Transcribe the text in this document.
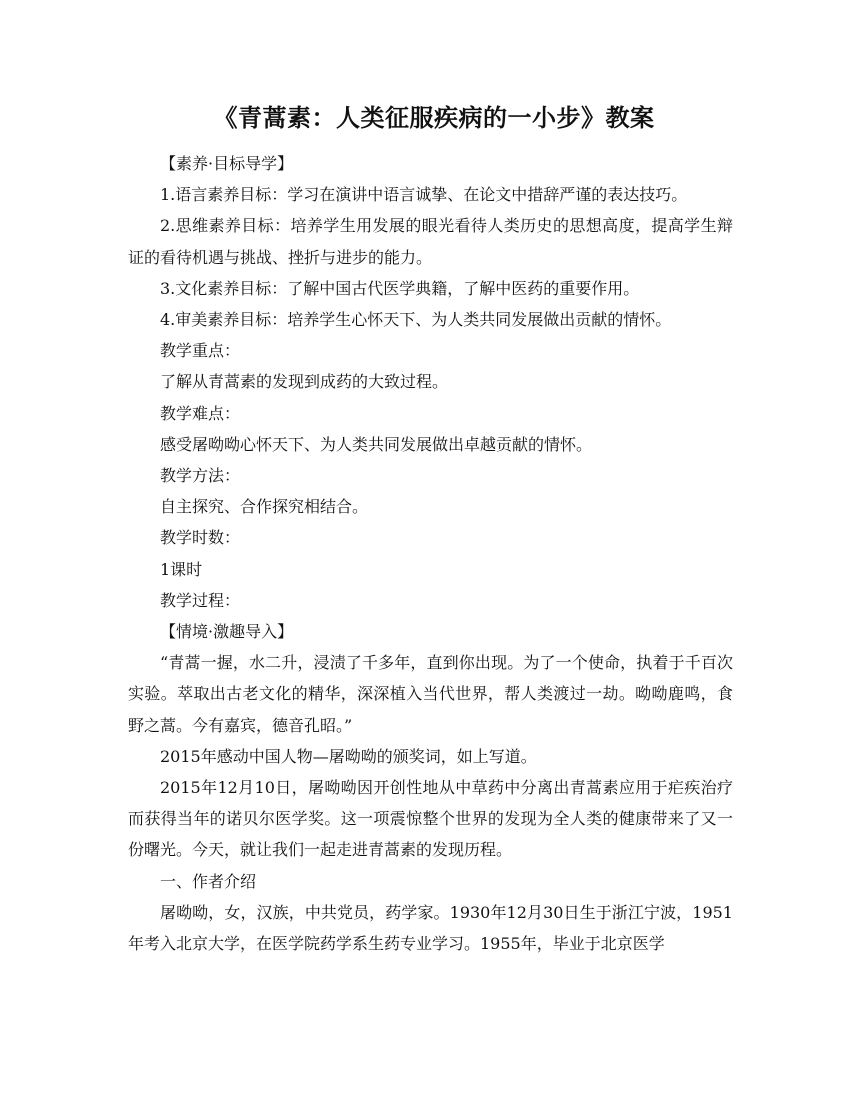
《青蒿素：人类征服疾病的一小步》教案

【素养·目标导学】

1.语言素养目标：学习在演讲中语言诚挚、在论文中措辞严谨的表达技巧。

2.思维素养目标：培养学生用发展的眼光看待人类历史的思想高度，提高学生辩证的看待机遇与挑战、挫折与进步的能力。

3.文化素养目标：了解中国古代医学典籍，了解中医药的重要作用。

4.审美素养目标：培养学生心怀天下、为人类共同发展做出贡献的情怀。

教学重点：

了解从青蒿素的发现到成药的大致过程。

教学难点：

感受屠呦呦心怀天下、为人类共同发展做出卓越贡献的情怀。

教学方法：

自主探究、合作探究相结合。

教学时数：

1课时

教学过程：

【情境·激趣导入】

“青蒿一握，水二升，浸渍了千多年，直到你出现。为了一个使命，执着于千百次实验。萃取出古老文化的精华，深深植入当代世界，帮人类渡过一劫。呦呦鹿鸣，食野之蒿。今有嘉宾，德音孔昭。”

2015年感动中国人物—屠呦呦的颁奖词，如上写道。

2015年12月10日，屠呦呦因开创性地从中草药中分离出青蒿素应用于疟疾治疗而获得当年的诺贝尔医学奖。这一项震惊整个世界的发现为全人类的健康带来了又一份曙光。今天，就让我们一起走进青蒿素的发现历程。

一、作者介绍

屠呦呦，女，汉族，中共党员，药学家。1930年12月30日生于浙江宁波，1951年考入北京大学，在医学院药学系生药专业学习。1955年，毕业于北京医学
